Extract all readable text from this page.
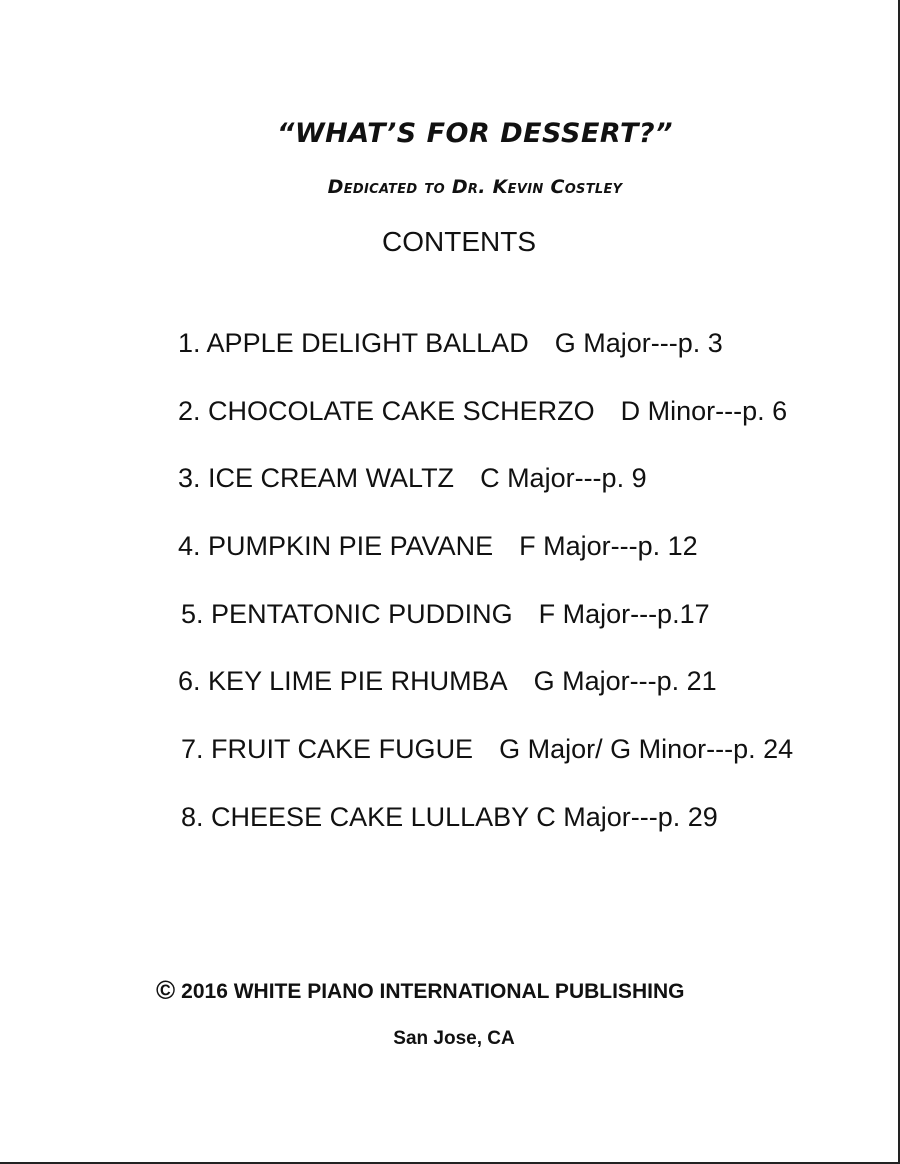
“WHAT’S FOR DESSERT?”
Dedicated to Dr. Kevin Costley
CONTENTS
1. APPLE DELIGHT BALLAD G Major---p. 3
2. CHOCOLATE CAKE SCHERZO D Minor---p. 6
3. ICE CREAM WALTZ C Major---p. 9
4. PUMPKIN PIE PAVANE F Major---p. 12
5. PENTATONIC PUDDING F Major---p.17
6. KEY LIME PIE RHUMBA G Major---p. 21
7. FRUIT CAKE FUGUE G Major/ G Minor---p. 24
8. CHEESE CAKE LULLABY C Major---p. 29
© 2016 WHITE PIANO INTERNATIONAL PUBLISHING
San Jose, CA
